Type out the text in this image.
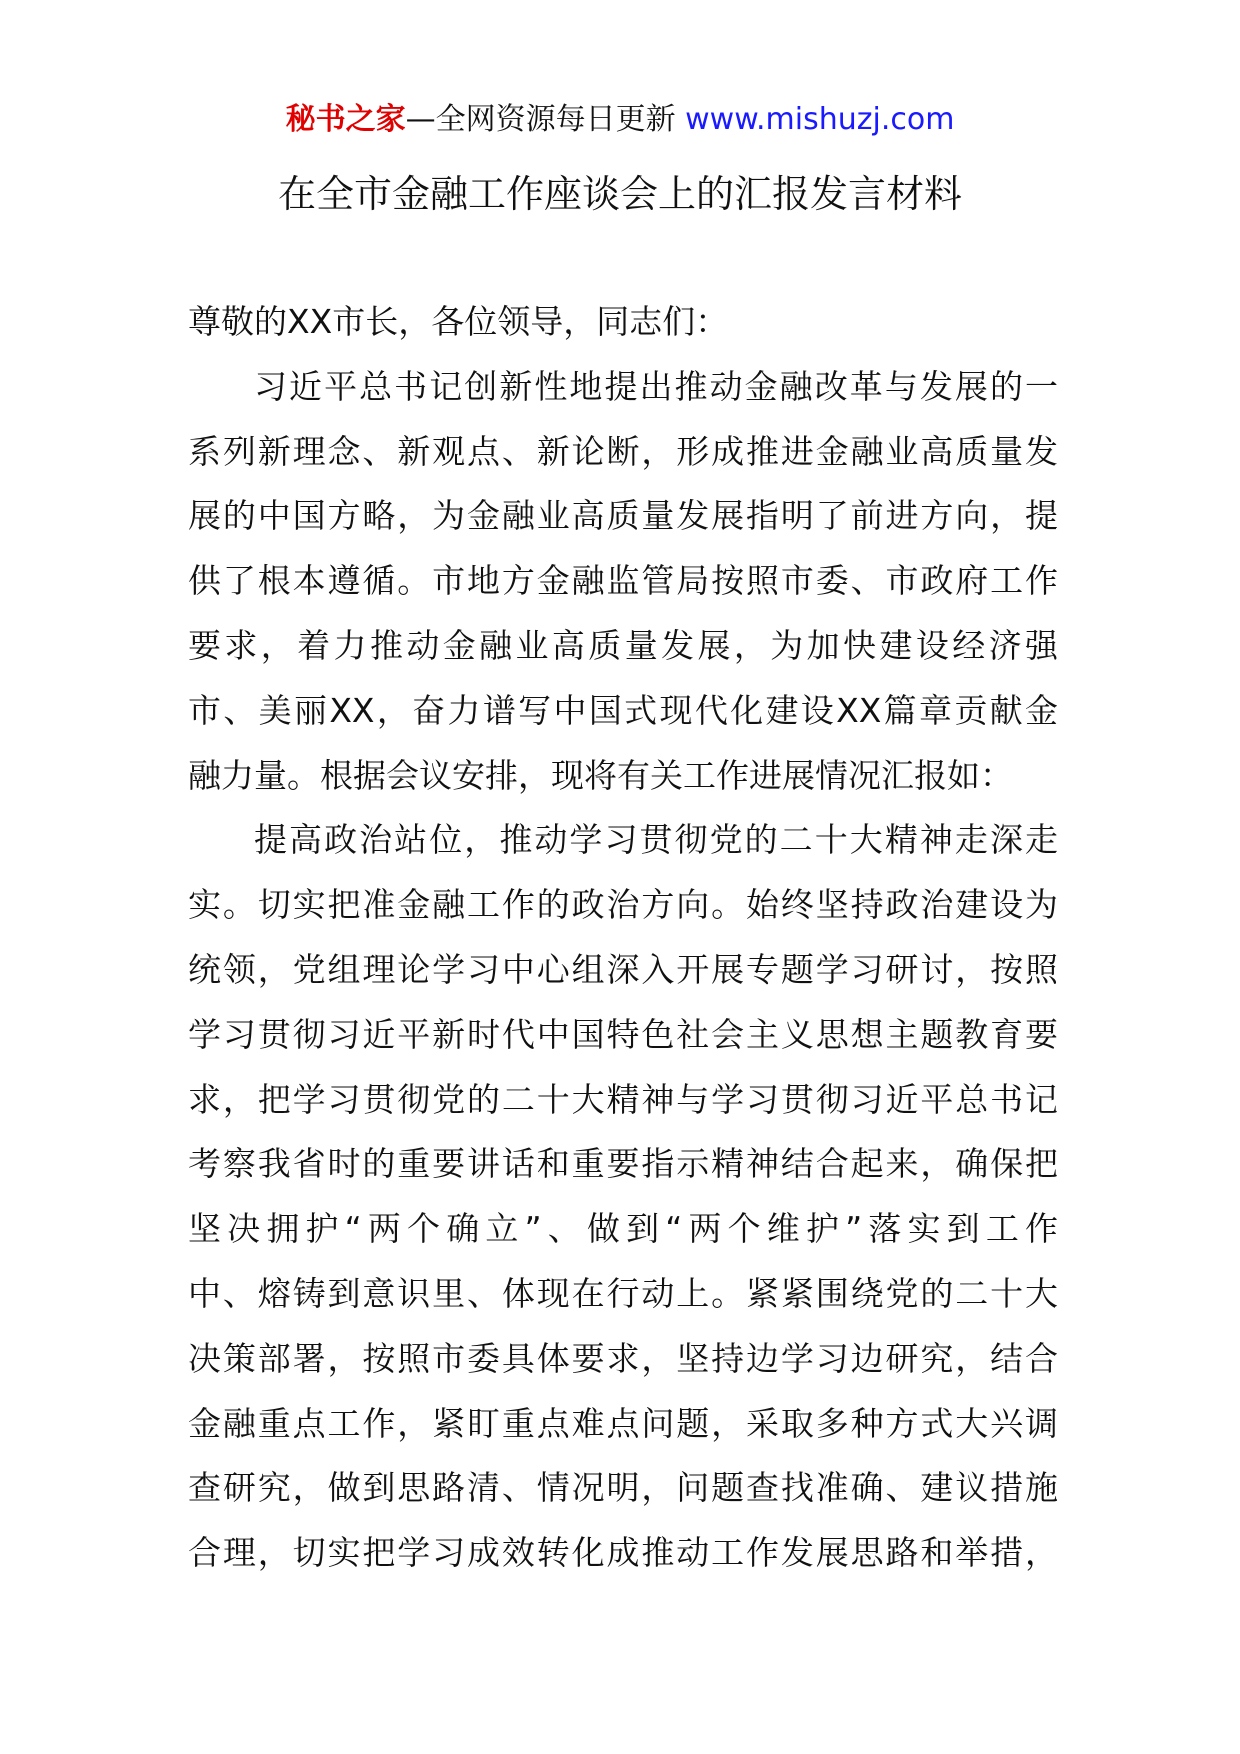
秘书之家—全网资源每日更新 www.mishuzj.com
在全市金融工作座谈会上的汇报发言材料
尊敬的XX市长，各位领导，同志们：
习近平总书记创新性地提出推动金融改革与发展的一
系列新理念、新观点、新论断，形成推进金融业高质量发
展的中国方略，为金融业高质量发展指明了前进方向，提
供了根本遵循。市地方金融监管局按照市委、市政府工作
要求，着力推动金融业高质量发展，为加快建设经济强
市、美丽XX，奋力谱写中国式现代化建设XX篇章贡献金
融力量。根据会议安排，现将有关工作进展情况汇报如：
提高政治站位，推动学习贯彻党的二十大精神走深走
实。切实把准金融工作的政治方向。始终坚持政治建设为
统领，党组理论学习中心组深入开展专题学习研讨，按照
学习贯彻习近平新时代中国特色社会主义思想主题教育要
求，把学习贯彻党的二十大精神与学习贯彻习近平总书记
考察我省时的重要讲话和重要指示精神结合起来，确保把
坚决拥护“两个确立”、做到“两个维护”落实到工作
中、熔铸到意识里、体现在行动上。紧紧围绕党的二十大
决策部署，按照市委具体要求，坚持边学习边研究，结合
金融重点工作，紧盯重点难点问题，采取多种方式大兴调
查研究，做到思路清、情况明，问题查找准确、建议措施
合理，切实把学习成效转化成推动工作发展思路和举措，
